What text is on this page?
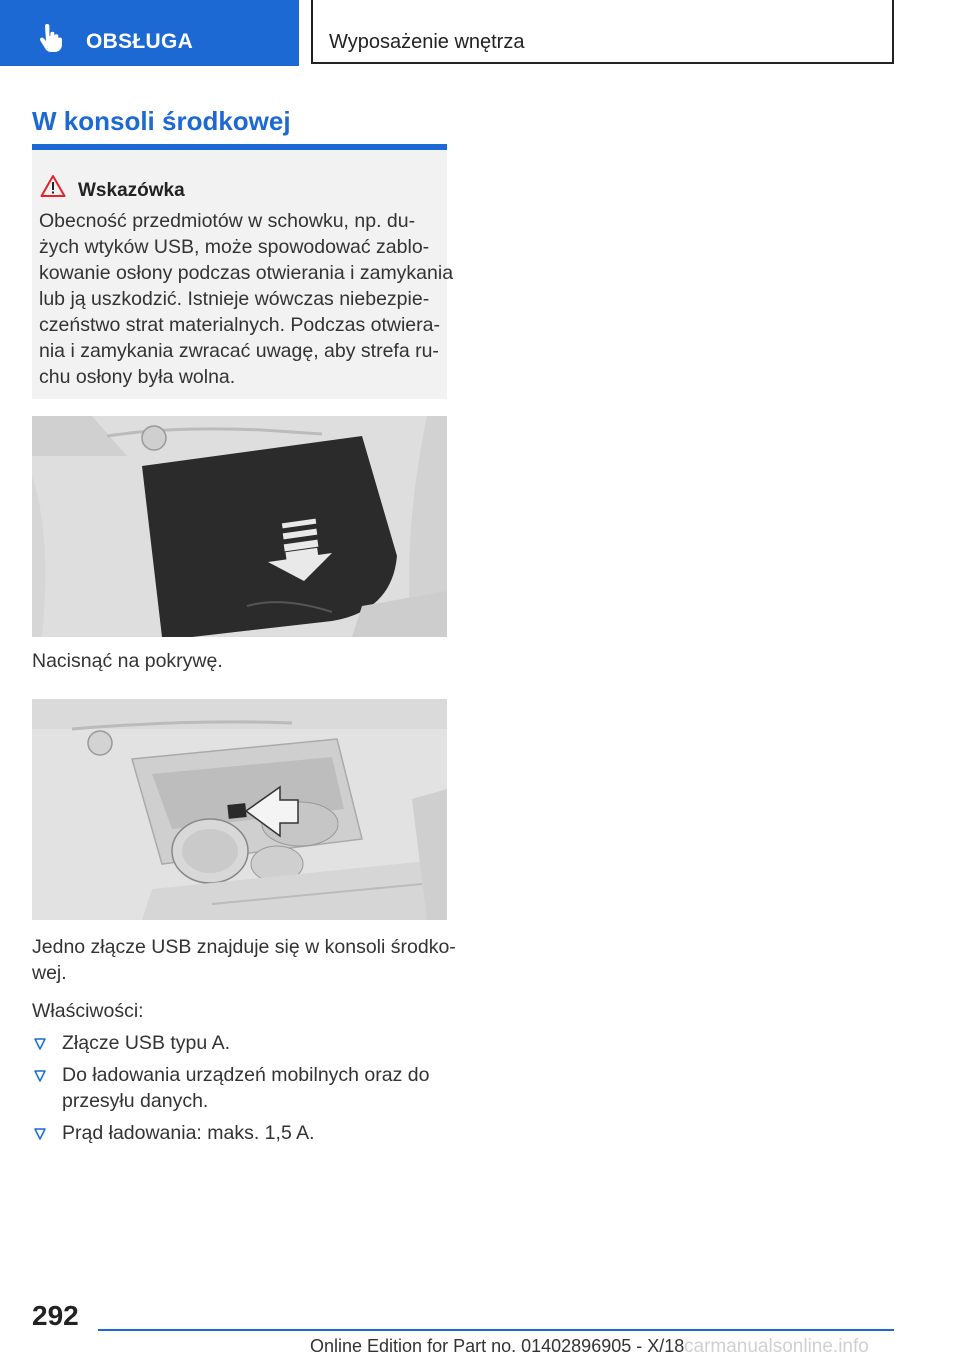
OBSŁUGA	Wyposażenie wnętrza
W konsoli środkowej
Wskazówka
Obecność przedmiotów w schowku, np. du‐
żych wtyków USB, może spowodować zablo‐
kowanie osłony podczas otwierania i zamykania
lub ją uszkodzić. Istnieje wówczas niebezpie‐
czeństwo strat materialnych. Podczas otwiera‐
nia i zamykania zwracać uwagę, aby strefa ru‐
chu osłony była wolna.
Nacisnąć na pokrywę.
Jedno złącze USB znajduje się w konsoli środko‐
wej.
Właściwości:
Złącze USB typu A.
Do ładowania urządzeń mobilnych oraz do
przesyłu danych.
Prąd ładowania: maks. 1,5 A.
292
Online Edition for Part no. 01402896905 - X/18 carmanualsonline.info
